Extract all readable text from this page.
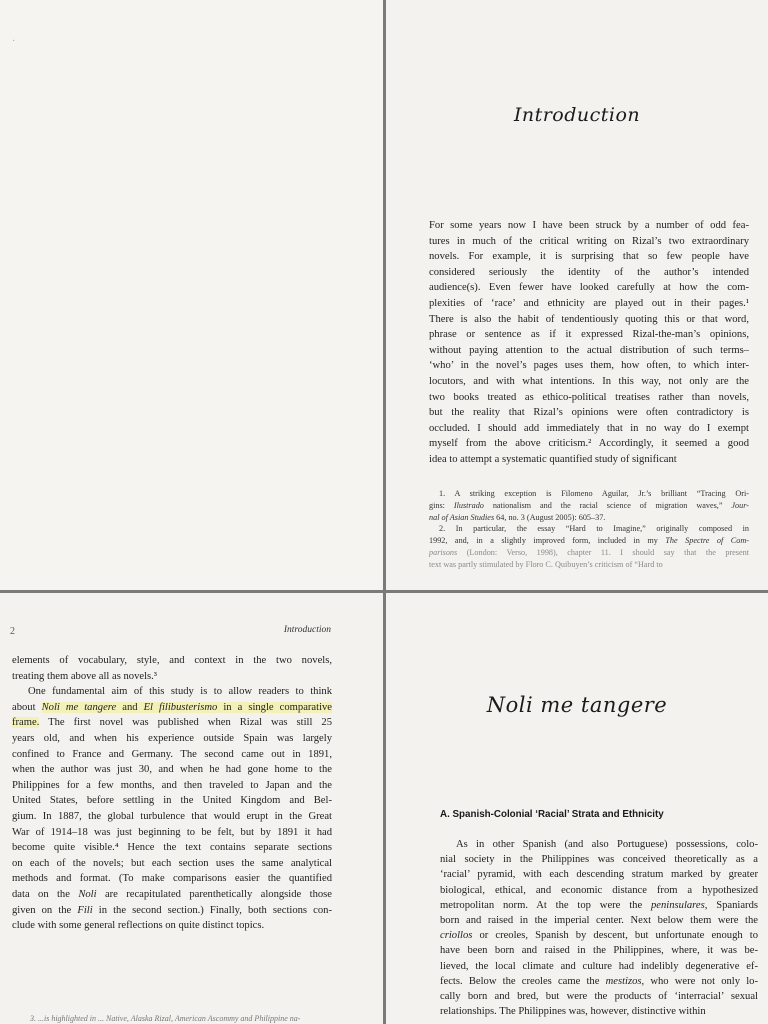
·
Introduction
For some years now I have been struck by a number of odd fea-
tures in much of the critical writing on Rizal’s two extraordinary
novels. For example, it is surprising that so few people have
considered seriously the identity of the author’s intended
audience(s). Even fewer have looked carefully at how the com-
plexities of ‘race’ and ethnicity are played out in their pages.¹
There is also the habit of tendentiously quoting this or that word,
phrase or sentence as if it expressed Rizal-the-man’s opinions,
without paying attention to the actual distribution of such terms–
‘who’ in the novel’s pages uses them, how often, to which inter-
locutors, and with what intentions. In this way, not only are the
two books treated as ethico-political treatises rather than novels,
but the reality that Rizal’s opinions were often contradictory is
occluded. I should add immediately that in no way do I exempt
myself from the above criticism.² Accordingly, it seemed a good
idea to attempt a systematic quantified study of significant
1. A striking exception is Filomeno Aguilar, Jr.’s brilliant “Tracing Ori-
gins: Ilustrado nationalism and the racial science of migration waves,” Jour-
nal of Asian Studies 64, no. 3 (August 2005): 605–37.
2. In particular, the essay “Hard to Imagine,” originally composed in
1992, and, in a slightly improved form, included in my The Spectre of Com-
parisons (London: Verso, 1998), chapter 11. I should say that the present
text was partly stimulated by Floro C. Quibuyen’s criticism of “Hard to
2	Introduction
elements of vocabulary, style, and context in the two novels,
treating them above all as novels.³
One fundamental aim of this study is to allow readers to think
about Noli me tangere and El filibusterismo in a single comparative
frame. The first novel was published when Rizal was still 25
years old, and when his experience outside Spain was largely
confined to France and Germany. The second came out in 1891,
when the author was just 30, and when he had gone home to the
Philippines for a few months, and then traveled to Japan and the
United States, before settling in the United Kingdom and Bel-
gium. In 1887, the global turbulence that would erupt in the Great
War of 1914–18 was just beginning to be felt, but by 1891 it had
become quite visible.⁴ Hence the text contains separate sections
on each of the novels; but each section uses the same analytical
methods and format. (To make comparisons easier the quantified
data on the Noli are recapitulated parenthetically alongside those
given on the Fili in the second section.) Finally, both sections con-
clude with some general reflections on quite distinct topics.
3. ...is highlighted in ... Native, Alaska Rizal, American Ascommy and Philippine na-
Noli me tangere
A. Spanish-Colonial ‘Racial’ Strata and Ethnicity
As in other Spanish (and also Portuguese) possessions, colo-
nial society in the Philippines was conceived theoretically as a
‘racial’ pyramid, with each descending stratum marked by greater
biological, ethical, and economic distance from a hypothesized
metropolitan norm. At the top were the peninsulares, Spaniards
born and raised in the imperial center. Next below them were the
criollos or creoles, Spanish by descent, but unfortunate enough to
have been born and raised in the Philippines, where, it was be-
lieved, the local climate and culture had indelibly degenerative ef-
fects. Below the creoles came the mestizos, who were not only lo-
cally born and bred, but were the products of ‘interracial’ sexual
relationships. The Philippines was, however, distinctive within
